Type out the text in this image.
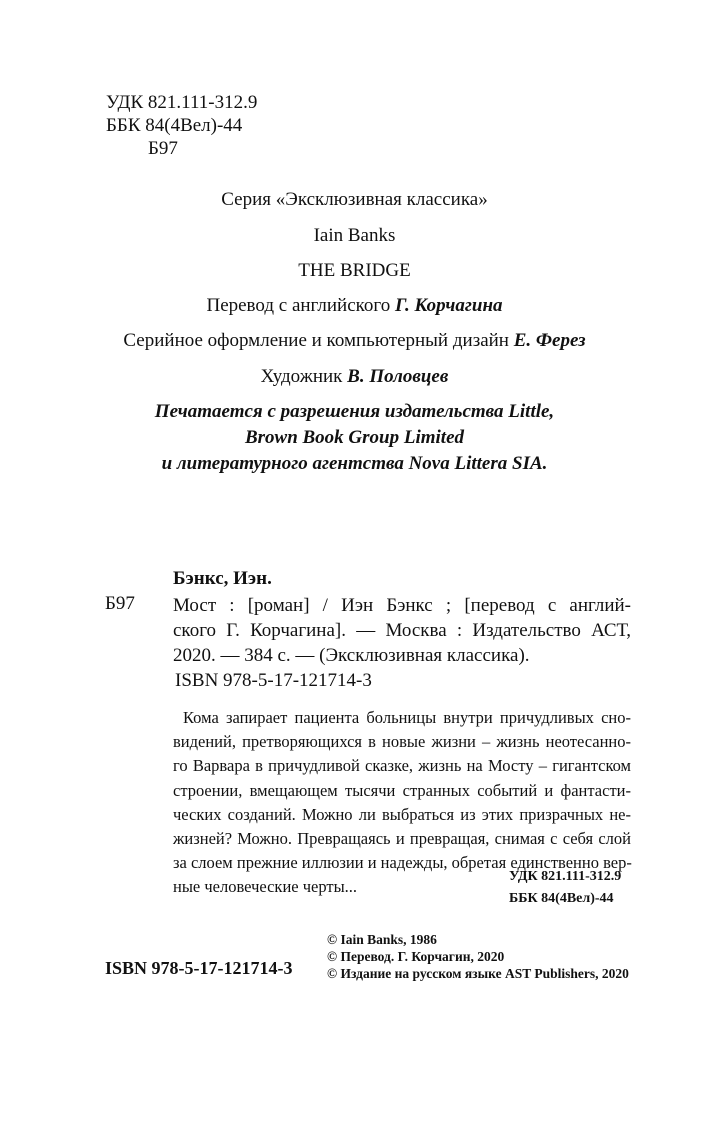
УДК 821.111-312.9
ББК 84(4Вел)-44
Б97
Серия «Эксклюзивная классика»
Iain Banks
THE BRIDGE
Перевод с английского Г. Корчагина
Серийное оформление и компьютерный дизайн Е. Ферез
Художник В. Половцев
Печатается с разрешения издательства Little,
Brown Book Group Limited
и литературного агентства Nova Littera SIA.
Бэнкс, Иэн.
Б97 Мост : [роман] / Иэн Бэнкс ; [перевод с англий-
ского Г. Корчагина]. — Москва : Издательство АСТ,
2020. — 384 с. — (Эксклюзивная классика).
ISBN 978-5-17-121714-3
Кома запирает пациента больницы внутри причудливых сно-
видений, претворяющихся в новые жизни – жизнь неотесанно-
го Варвара в причудливой сказке, жизнь на Мосту – гигантском
строении, вмещающем тысячи странных событий и фантасти-
ческих созданий. Можно ли выбраться из этих призрачных не-
жизней? Можно. Превращаясь и превращая, снимая с себя слой
за слоем прежние иллюзии и надежды, обретая единственно вер-
ные человеческие черты...
УДК 821.111-312.9
ББК 84(4Вел)-44
© Iain Banks, 1986
© Перевод. Г. Корчагин, 2020
© Издание на русском языке AST Publishers, 2020
ISBN 978-5-17-121714-3
